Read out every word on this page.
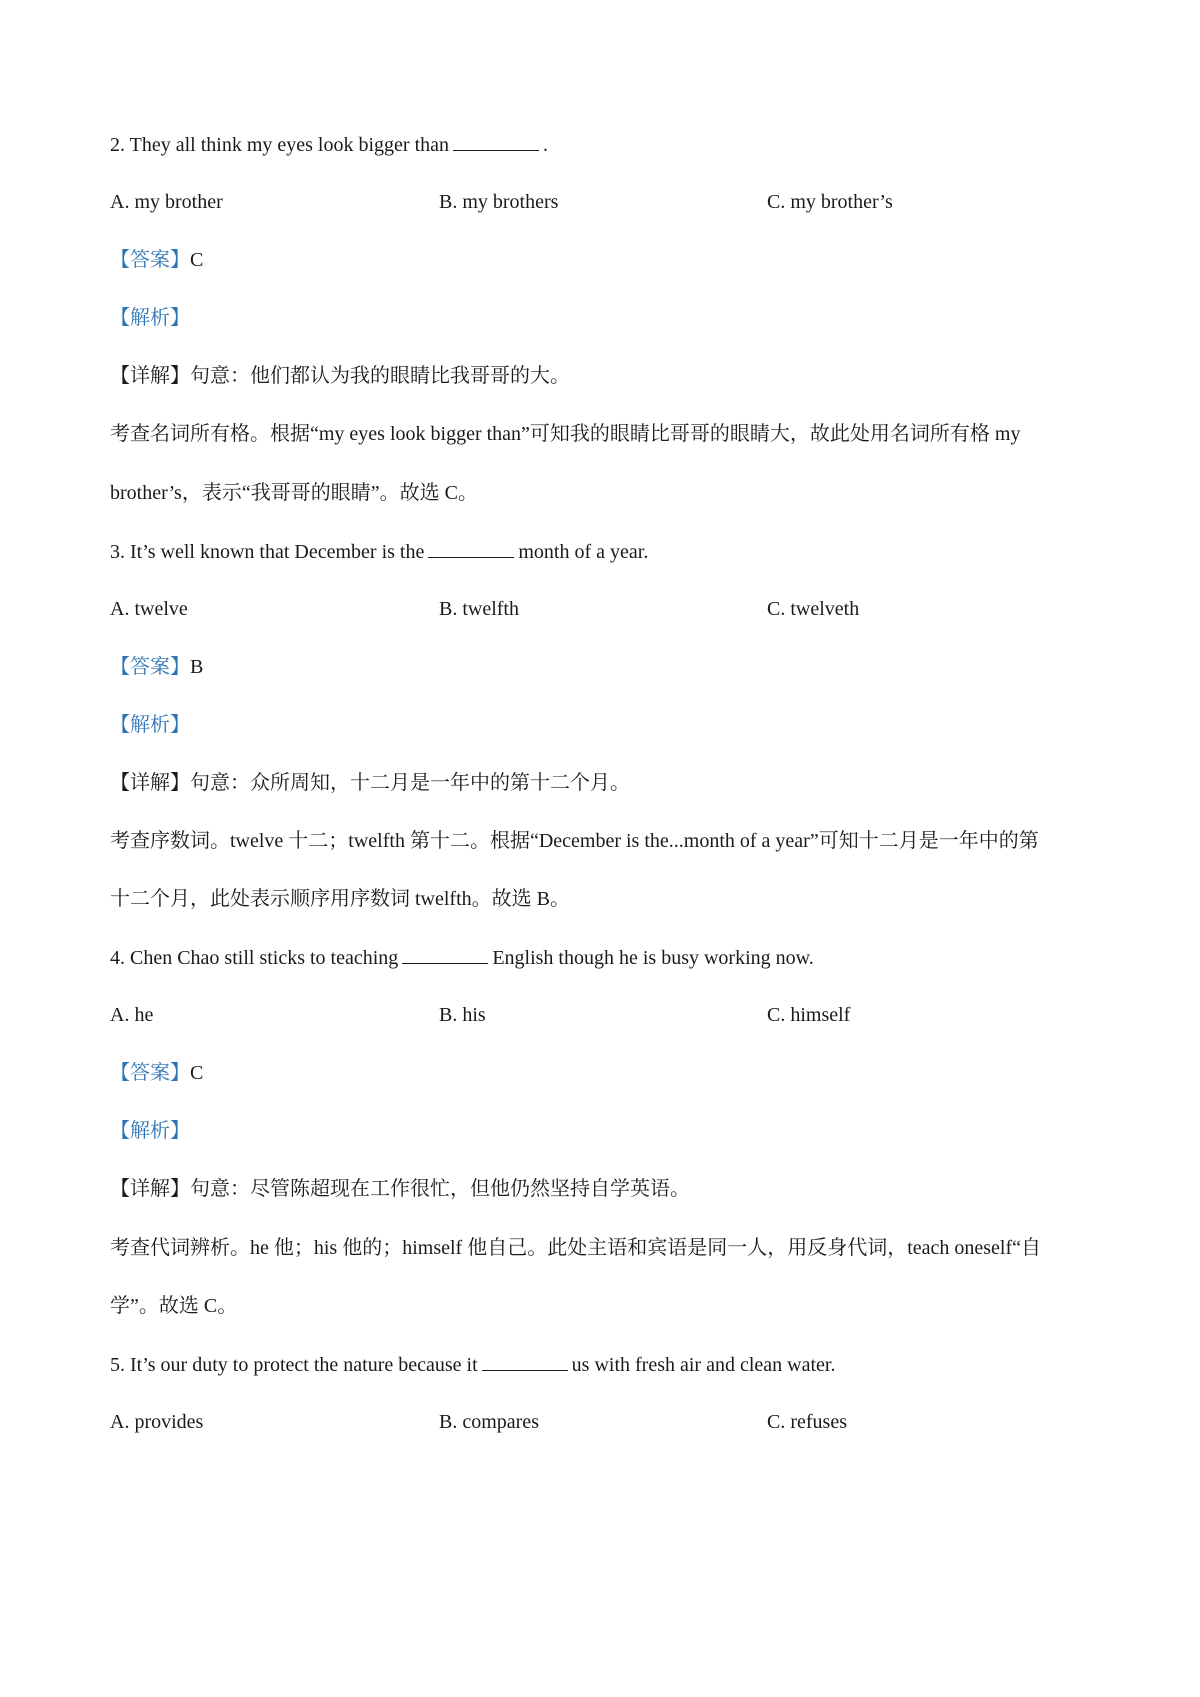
2. They all think my eyes look bigger than	.
A. my brother	B. my brothers	C. my brother’s
【答案】C
【解析】
【详解】句意：他们都认为我的眼睛比我哥哥的大。
考查名词所有格。根据“my eyes look bigger than”可知我的眼睛比哥哥的眼睛大，故此处用名词所有格 my
brother’s，表示“我哥哥的眼睛”。故选 C。
3. It’s well known that December is the	month of a year.
A. twelve	B. twelfth	C. twelveth
【答案】B
【解析】
【详解】句意：众所周知，十二月是一年中的第十二个月。
考查序数词。twelve 十二；twelfth 第十二。根据“December is the...month of a year”可知十二月是一年中的第
十二个月，此处表示顺序用序数词 twelfth。故选 B。
4. Chen Chao still sticks to teaching	English though he is busy working now.
A. he	B. his	C. himself
【答案】C
【解析】
【详解】句意：尽管陈超现在工作很忙，但他仍然坚持自学英语。
考查代词辨析。he 他；his 他的；himself 他自己。此处主语和宾语是同一人，用反身代词，teach oneself“自
学”。故选 C。
5. It’s our duty to protect the nature because it	us with fresh air and clean water.
A. provides	B. compares	C. refuses
